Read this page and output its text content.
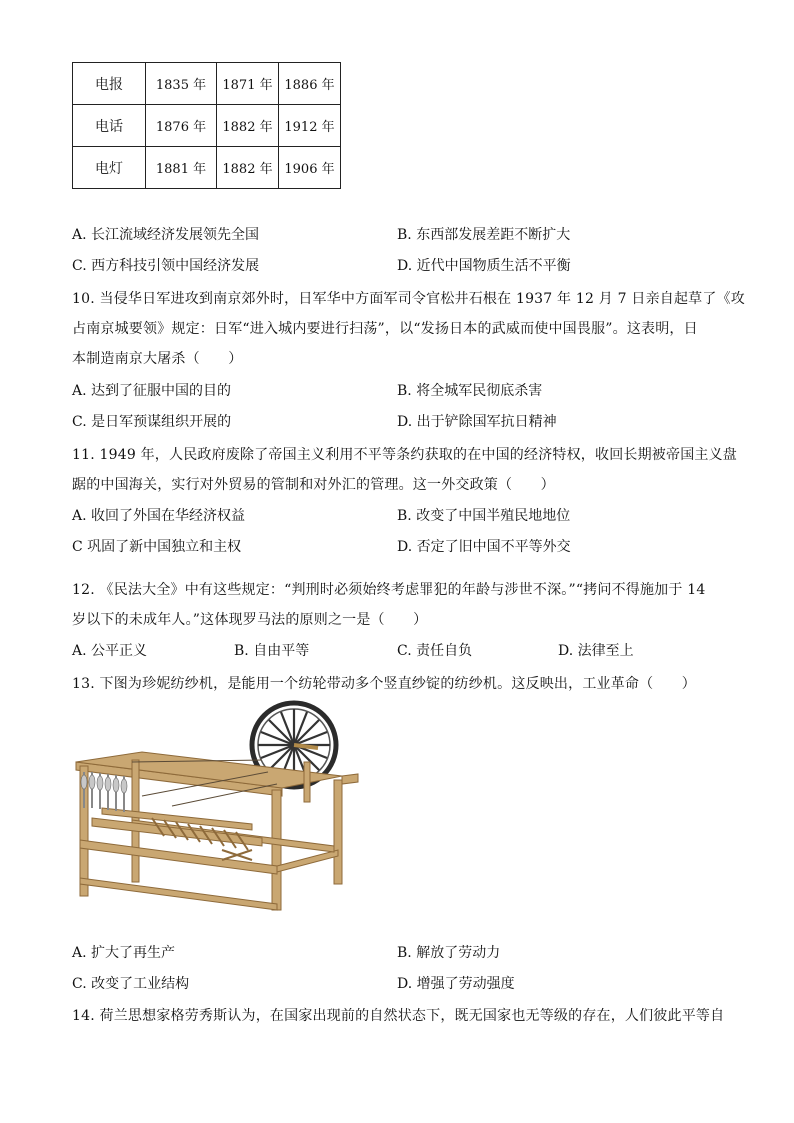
电报	1835 年	1871 年	1886 年
电话	1876 年	1882 年	1912 年
电灯	1881 年	1882 年	1906 年
A. 长江流域经济发展领先全国	B. 东西部发展差距不断扩大
C. 西方科技引领中国经济发展	D. 近代中国物质生活不平衡

10. 当侵华日军进攻到南京郊外时，日军华中方面军司令官松井石根在 1937 年 12 月 7 日亲自起草了《攻

占南京城要领》规定：日军“进入城内要进行扫荡”，以“发扬日本的武威而使中国畏服”。这表明，日

本制造南京大屠杀（　　）

A. 达到了征服中国的目的	B. 将全城军民彻底杀害
C. 是日军预谋组织开展的	D. 出于铲除国军抗日精神

11. 1949 年，人民政府废除了帝国主义利用不平等条约获取的在中国的经济特权，收回长期被帝国主义盘

踞的中国海关，实行对外贸易的管制和对外汇的管理。这一外交政策（　　）

A. 收回了外国在华经济权益	B. 改变了中国半殖民地地位
C 巩固了新中国独立和主权	D. 否定了旧中国不平等外交

12. 《民法大全》中有这些规定：“判刑时必须始终考虑罪犯的年龄与涉世不深。”“拷问不得施加于 14

岁以下的未成年人。”这体现罗马法的原则之一是（　　）

A. 公平正义	B. 自由平等	C. 责任自负	D. 法律至上

13. 下图为珍妮纺纱机，是能用一个纺轮带动多个竖直纱锭的纺纱机。这反映出，工业革命（　　）

A. 扩大了再生产	B. 解放了劳动力
C. 改变了工业结构	D. 增强了劳动强度

14. 荷兰思想家格劳秀斯认为，在国家出现前的自然状态下，既无国家也无等级的存在，人们彼此平等自
